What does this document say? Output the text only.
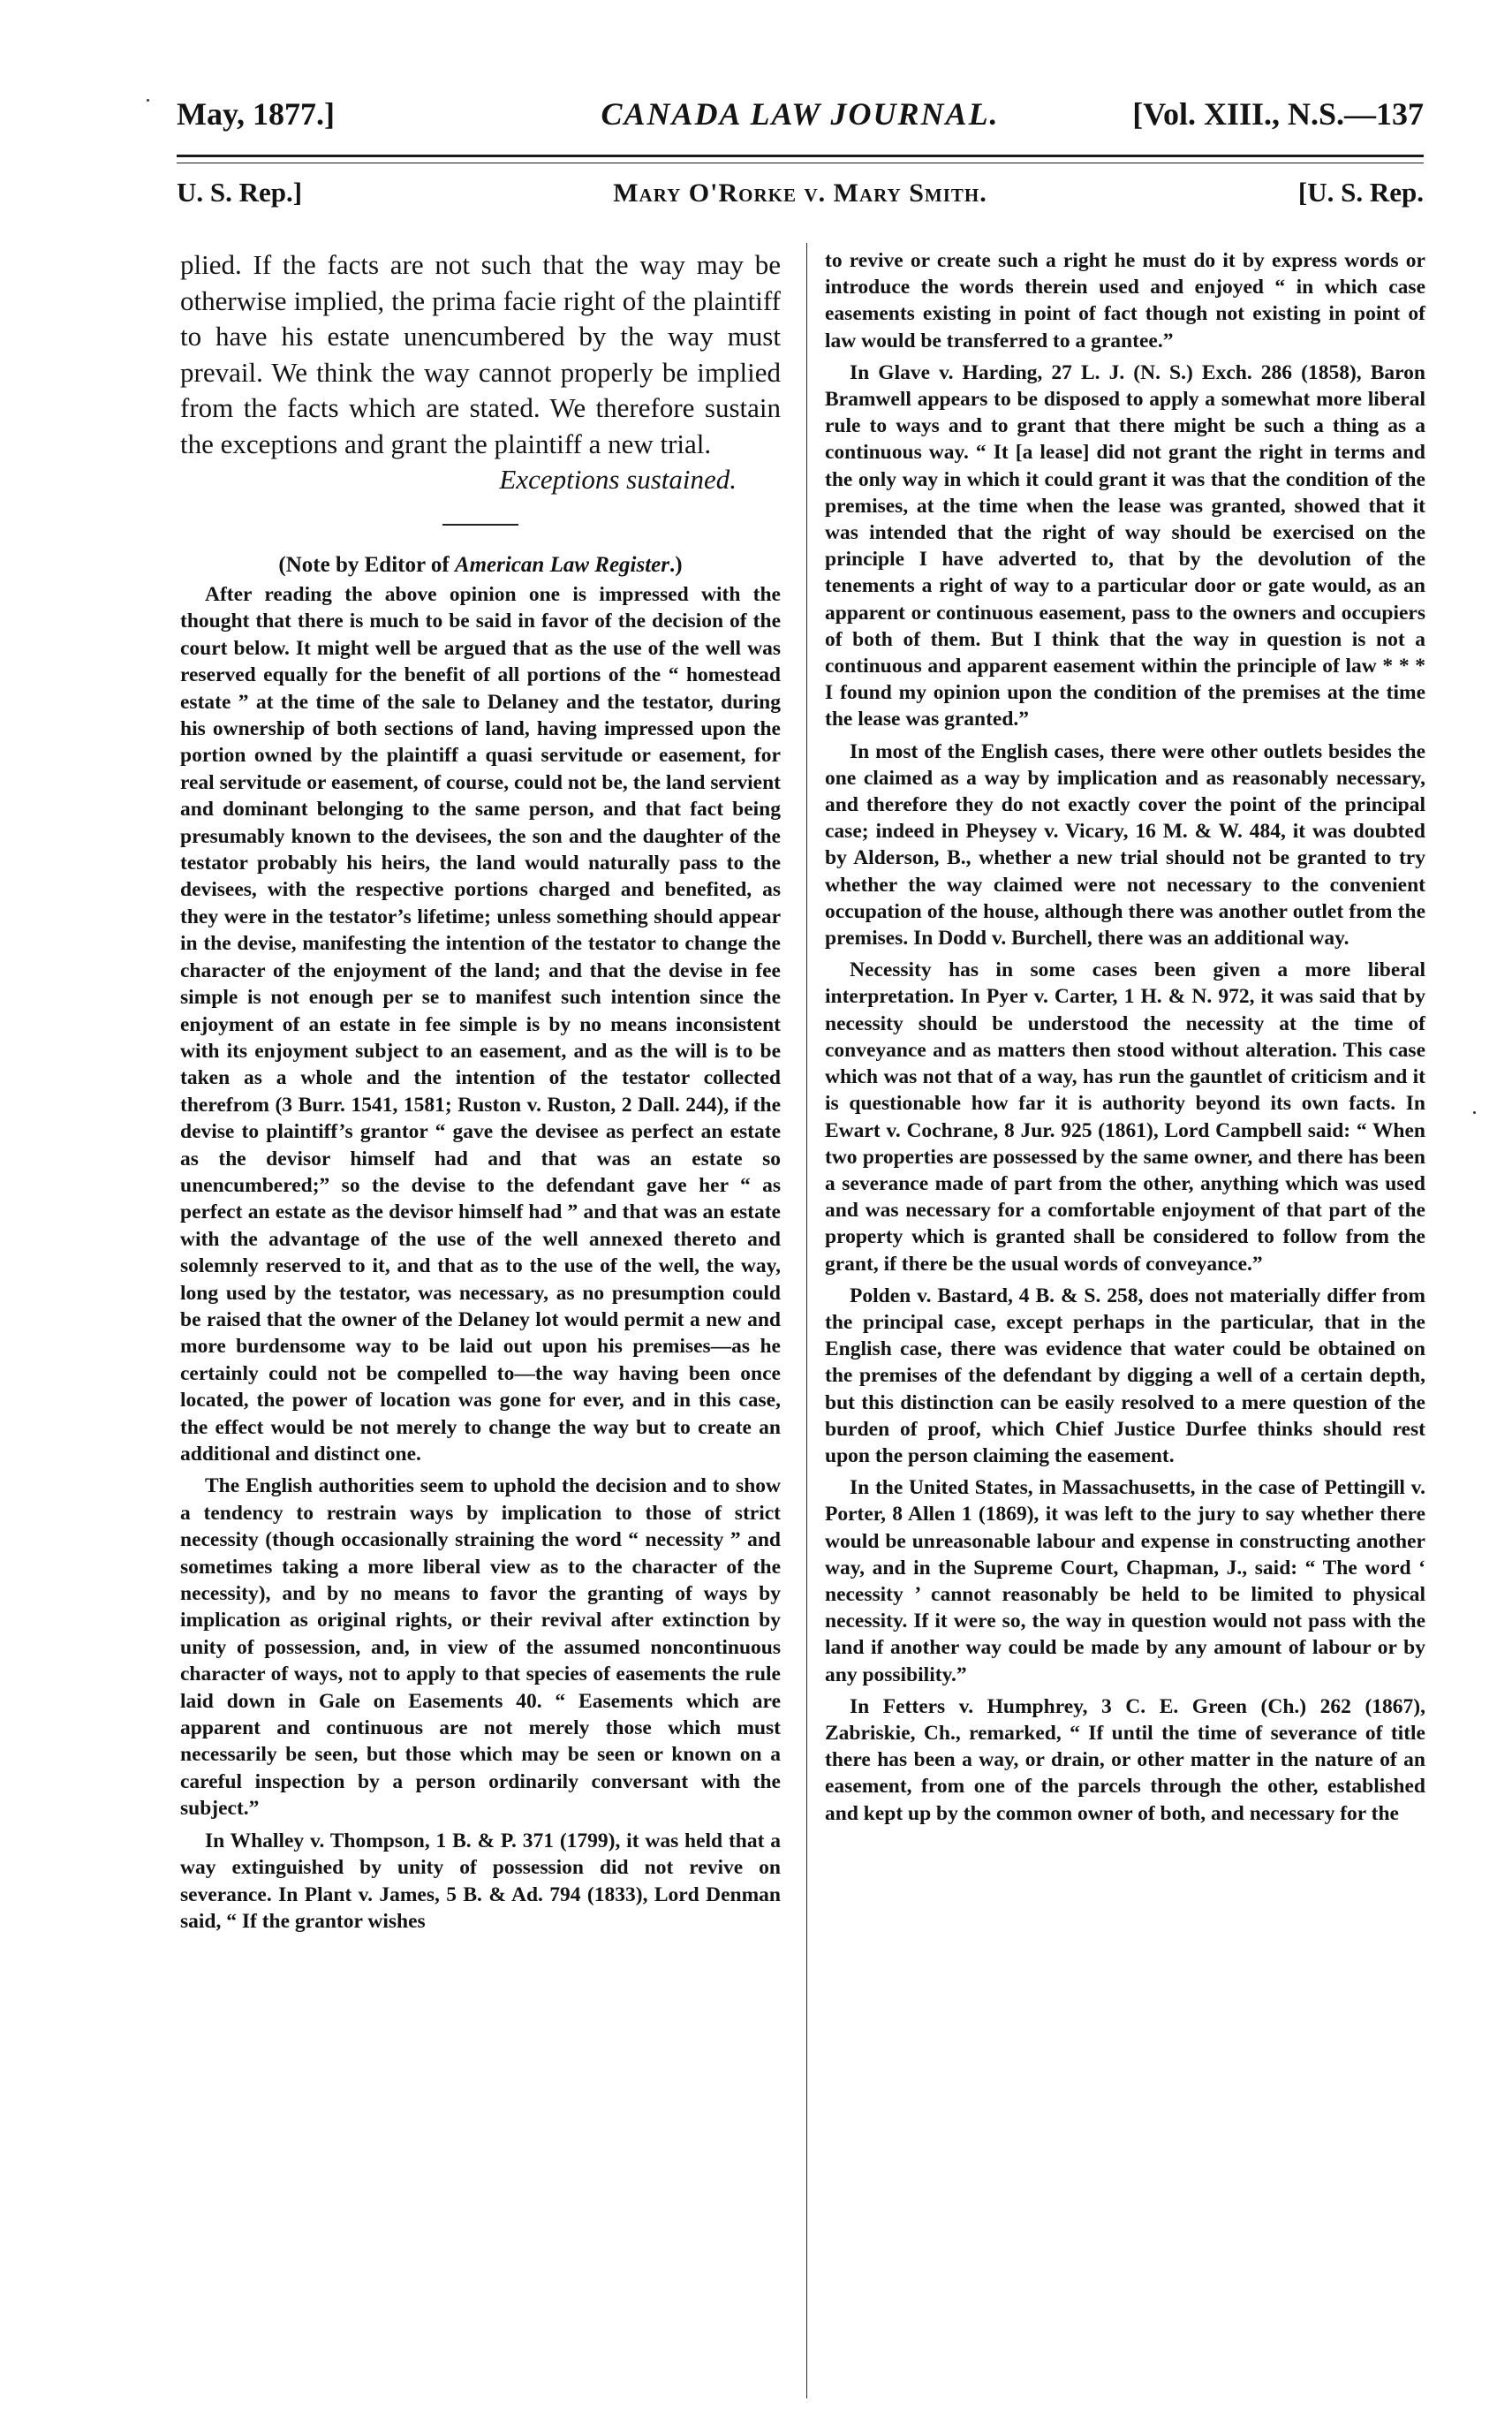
May, 1877.]	CANADA LAW JOURNAL.	[Vol. XIII., N.S.—137
U. S. Rep.]	Mary O'Rorke v. Mary Smith.	[U. S. Rep.

plied. If the facts are not such that the way may be otherwise implied, the prima facie right of the plaintiff to have his estate unencumbered by the way must prevail. We think the way cannot properly be implied from the facts which are stated. We therefore sustain the exceptions and grant the plaintiff a new trial.

Exceptions sustained.

(Note by Editor of American Law Register.)

After reading the above opinion one is impressed with the thought that there is much to be said in favor of the decision of the court below. It might well be argued that as the use of the well was reserved equally for the benefit of all portions of the “ homestead estate ” at the time of the sale to Delaney and the testator, during his ownership of both sections of land, having impressed upon the portion owned by the plaintiff a quasi servitude or easement, for real servitude or easement, of course, could not be, the land servient and dominant belonging to the same person, and that fact being presumably known to the devisees, the son and the daughter of the testator probably his heirs, the land would naturally pass to the devisees, with the respective portions charged and benefited, as they were in the testator’s lifetime; unless something should appear in the devise, manifesting the intention of the testator to change the character of the enjoyment of the land; and that the devise in fee simple is not enough per se to manifest such intention since the enjoyment of an estate in fee simple is by no means inconsistent with its enjoyment subject to an easement, and as the will is to be taken as a whole and the intention of the testator collected therefrom (3 Burr. 1541, 1581; Ruston v. Ruston, 2 Dall. 244), if the devise to plaintiff’s grantor “ gave the devisee as perfect an estate as the devisor himself had and that was an estate so unencumbered;” so the devise to the defendant gave her “ as perfect an estate as the devisor himself had ” and that was an estate with the advantage of the use of the well annexed thereto and solemnly reserved to it, and that as to the use of the well, the way, long used by the testator, was necessary, as no presumption could be raised that the owner of the Delaney lot would permit a new and more burdensome way to be laid out upon his premises—as he certainly could not be compelled to—the way having been once located, the power of location was gone for ever, and in this case, the effect would be not merely to change the way but to create an additional and distinct one.

The English authorities seem to uphold the decision and to show a tendency to restrain ways by implication to those of strict necessity (though occasionally straining the word “ necessity ” and sometimes taking a more liberal view as to the character of the necessity), and by no means to favor the granting of ways by implication as original rights, or their revival after extinction by unity of possession, and, in view of the assumed noncontinuous character of ways, not to apply to that species of easements the rule laid down in Gale on Easements 40. “ Easements which are apparent and continuous are not merely those which must necessarily be seen, but those which may be seen or known on a careful inspection by a person ordinarily conversant with the subject.”

In Whalley v. Thompson, 1 B. & P. 371 (1799), it was held that a way extinguished by unity of possession did not revive on severance. In Plant v. James, 5 B. & Ad. 794 (1833), Lord Denman said, “ If the grantor wishes

to revive or create such a right he must do it by express words or introduce the words therein used and enjoyed “ in which case easements existing in point of fact though not existing in point of law would be transferred to a grantee.”

In Glave v. Harding, 27 L. J. (N. S.) Exch. 286 (1858), Baron Bramwell appears to be disposed to apply a somewhat more liberal rule to ways and to grant that there might be such a thing as a continuous way. “ It [a lease] did not grant the right in terms and the only way in which it could grant it was that the condition of the premises, at the time when the lease was granted, showed that it was intended that the right of way should be exercised on the principle I have adverted to, that by the devolution of the tenements a right of way to a particular door or gate would, as an apparent or continuous easement, pass to the owners and occupiers of both of them. But I think that the way in question is not a continuous and apparent easement within the principle of law * * * I found my opinion upon the condition of the premises at the time the lease was granted.”

In most of the English cases, there were other outlets besides the one claimed as a way by implication and as reasonably necessary, and therefore they do not exactly cover the point of the principal case; indeed in Pheysey v. Vicary, 16 M. & W. 484, it was doubted by Alderson, B., whether a new trial should not be granted to try whether the way claimed were not necessary to the convenient occupation of the house, although there was another outlet from the premises. In Dodd v. Burchell, there was an additional way.

Necessity has in some cases been given a more liberal interpretation. In Pyer v. Carter, 1 H. & N. 972, it was said that by necessity should be understood the necessity at the time of conveyance and as matters then stood without alteration. This case which was not that of a way, has run the gauntlet of criticism and it is questionable how far it is authority beyond its own facts. In Ewart v. Cochrane, 8 Jur. 925 (1861), Lord Campbell said: “ When two properties are possessed by the same owner, and there has been a severance made of part from the other, anything which was used and was necessary for a comfortable enjoyment of that part of the property which is granted shall be considered to follow from the grant, if there be the usual words of conveyance.”

Polden v. Bastard, 4 B. & S. 258, does not materially differ from the principal case, except perhaps in the particular, that in the English case, there was evidence that water could be obtained on the premises of the defendant by digging a well of a certain depth, but this distinction can be easily resolved to a mere question of the burden of proof, which Chief Justice Durfee thinks should rest upon the person claiming the easement.

In the United States, in Massachusetts, in the case of Pettingill v. Porter, 8 Allen 1 (1869), it was left to the jury to say whether there would be unreasonable labour and expense in constructing another way, and in the Supreme Court, Chapman, J., said: “ The word ‘ necessity ’ cannot reasonably be held to be limited to physical necessity. If it were so, the way in question would not pass with the land if another way could be made by any amount of labour or by any possibility.”

In Fetters v. Humphrey, 3 C. E. Green (Ch.) 262 (1867), Zabriskie, Ch., remarked, “ If until the time of severance of title there has been a way, or drain, or other matter in the nature of an easement, from one of the parcels through the other, established and kept up by the common owner of both, and necessary for the
